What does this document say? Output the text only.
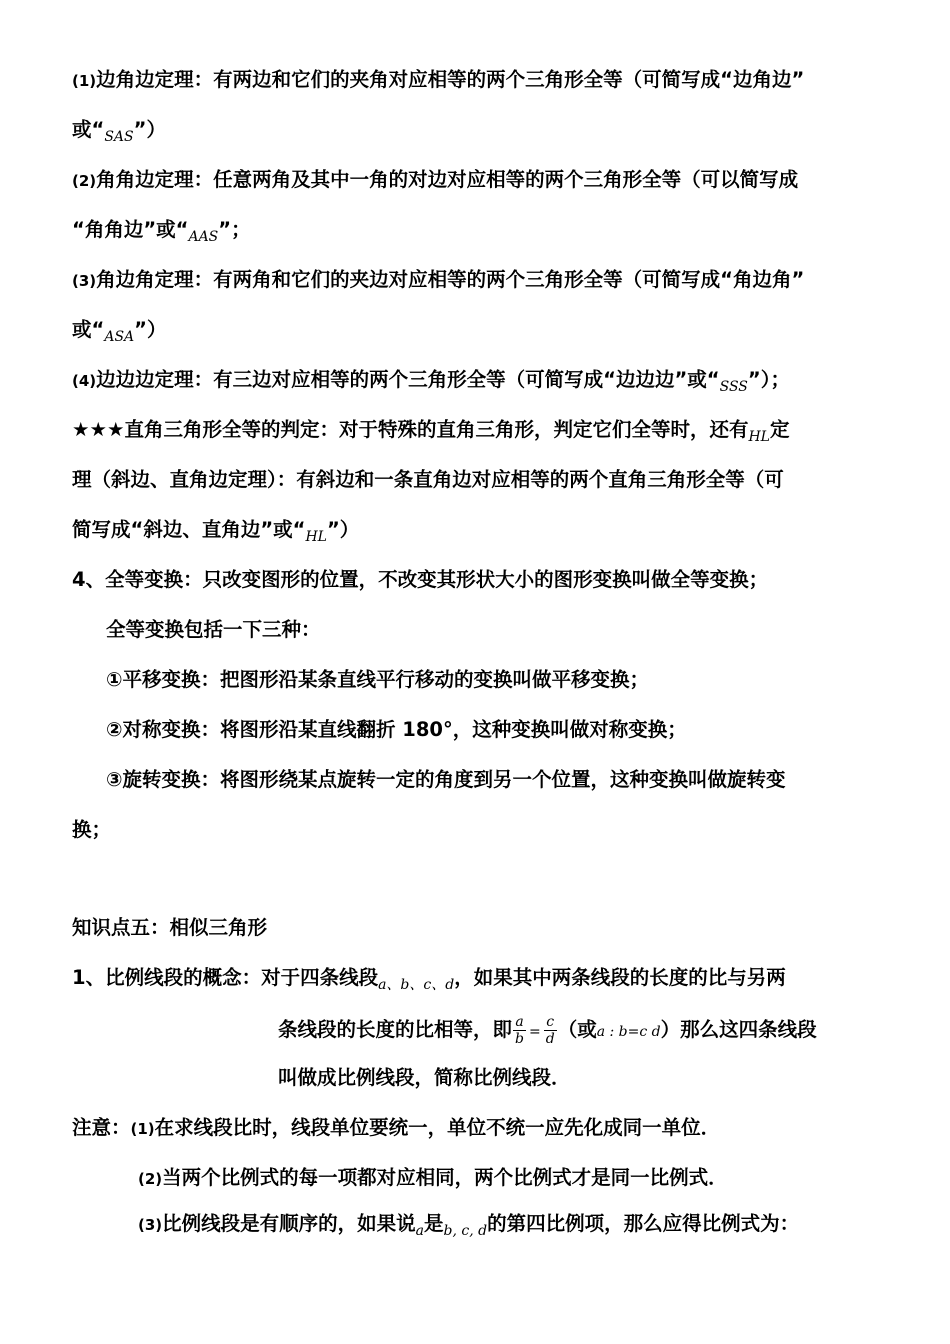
(1)边角边定理：有两边和它们的夹角对应相等的两个三角形全等（可简写成“边角边”
或“$_{SAS}$”）
(2)角角边定理：任意两角及其中一角的对边对应相等的两个三角形全等（可以简写成
“角角边”或“$_{AAS}$”；
(3)角边角定理：有两角和它们的夹边对应相等的两个三角形全等（可简写成“角边角”
或“$_{ASA}$”）
(4)边边边定理：有三边对应相等的两个三角形全等（可简写成“边边边”或“$_{SSS}$”）；
★★★直角三角形全等的判定：对于特殊的直角三角形，判定它们全等时，还有$_{HL}$定
理（斜边、直角边定理）：有斜边和一条直角边对应相等的两个直角三角形全等（可
简写成“斜边、直角边”或“$_{HL}$”）
4、全等变换：只改变图形的位置，不改变其形状大小的图形变换叫做全等变换；
全等变换包括一下三种：
①平移变换：把图形沿某条直线平行移动的变换叫做平移变换；
②对称变换：将图形沿某直线翻折 180°，这种变换叫做对称变换；
③旋转变换：将图形绕某点旋转一定的角度到另一个位置，这种变换叫做旋转变
换；
知识点五：相似三角形
1、比例线段的概念：对于四条线段$_{a、b、c、d}$，如果其中两条线段的长度的比与另两
条线段的长度的比相等，即 $\frac{a}{b} = \frac{c}{d}$ （或a : b=c d）那么这四条线段
叫做成比例线段，简称比例线段．
注意：(1)在求线段比时，线段单位要统一，单位不统一应先化成同一单位．
(2)当两个比例式的每一项都对应相同，两个比例式才是同一比例式．
(3)比例线段是有顺序的，如果说$_a$是$_{b, c, d}$的第四比例项，那么应得比例式为：
